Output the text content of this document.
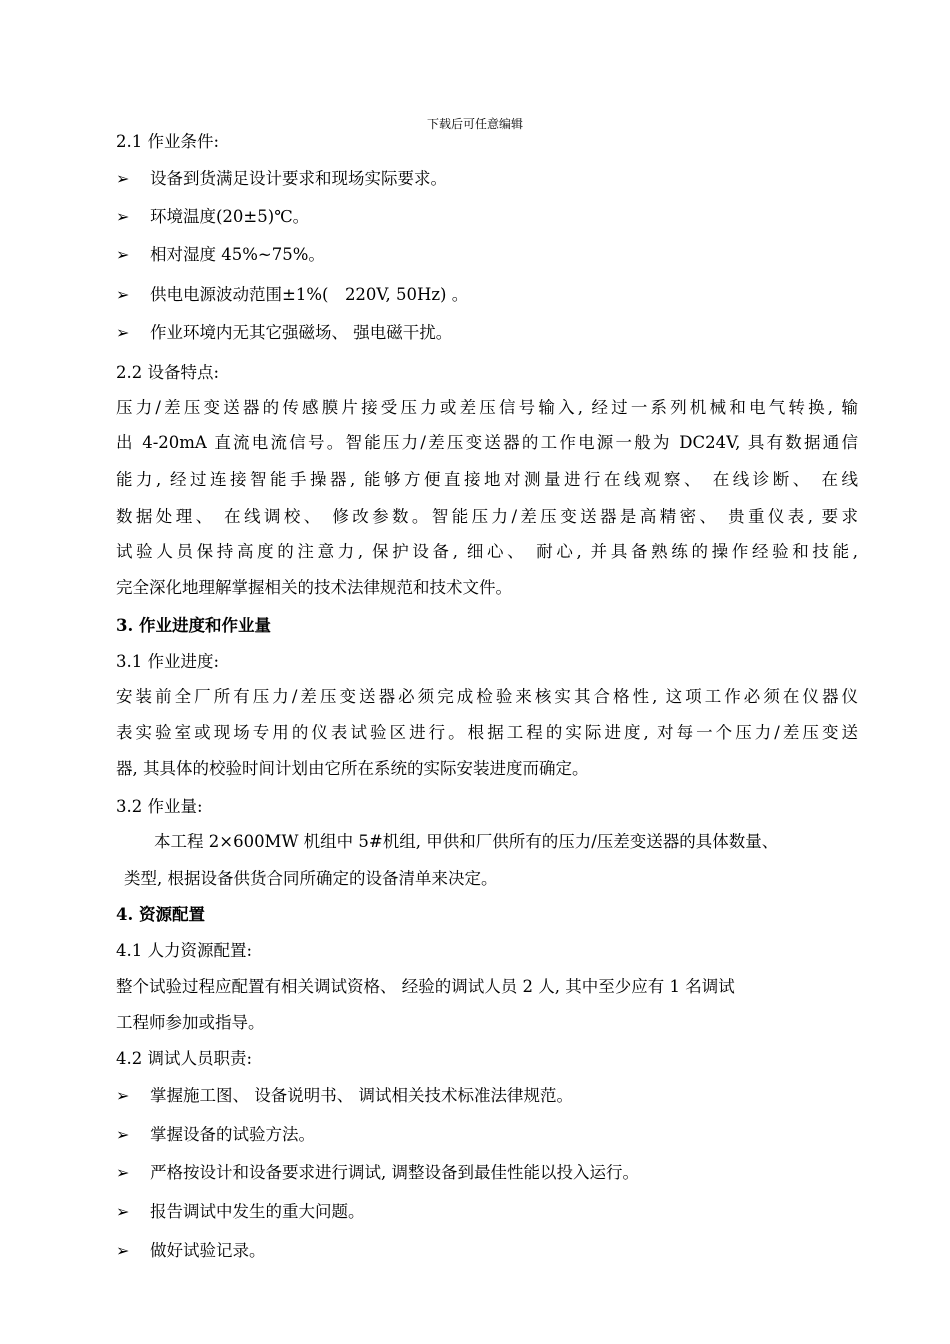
下载后可任意编辑
2.1 作业条件:
➢ 设备到货满足设计要求和现场实际要求。
➢ 环境温度(20±5)℃。
➢ 相对湿度 45%~75%。
➢ 供电电源波动范围±1%(　220V, 50Hz) 。
➢ 作业环境内无其它强磁场、 强电磁干扰。
2.2 设备特点:
压力/差压变送器的传感膜片接受压力或差压信号输入, 经过一系列机械和电气转换, 输
出 4-20mA 直流电流信号。智能压力/差压变送器的工作电源一般为 DC24V, 具有数据通信
能力, 经过连接智能手操器, 能够方便直接地对测量进行在线观察、 在线诊断、 在线
数据处理、 在线调校、 修改参数。智能压力/差压变送器是高精密、 贵重仪表, 要求
试验人员保持高度的注意力, 保护设备, 细心、 耐心, 并具备熟练的操作经验和技能,
完全深化地理解掌握相关的技术法律规范和技术文件。
3. 作业进度和作业量
3.1 作业进度:
安装前全厂所有压力/差压变送器必须完成检验来核实其合格性, 这项工作必须在仪器仪
表实验室或现场专用的仪表试验区进行。根据工程的实际进度, 对每一个压力/差压变送
器, 其具体的校验时间计划由它所在系统的实际安装进度而确定。
3.2 作业量:
本工程 2×600MW 机组中 5#机组, 甲供和厂供所有的压力/压差变送器的具体数量、
类型, 根据设备供货合同所确定的设备清单来决定。
4. 资源配置
4.1 人力资源配置:
整个试验过程应配置有相关调试资格、 经验的调试人员 2 人, 其中至少应有 1 名调试
工程师参加或指导。
4.2 调试人员职责:
➢ 掌握施工图、 设备说明书、 调试相关技术标准法律规范。
➢ 掌握设备的试验方法。
➢ 严格按设计和设备要求进行调试, 调整设备到最佳性能以投入运行。
➢ 报告调试中发生的重大问题。
➢ 做好试验记录。
